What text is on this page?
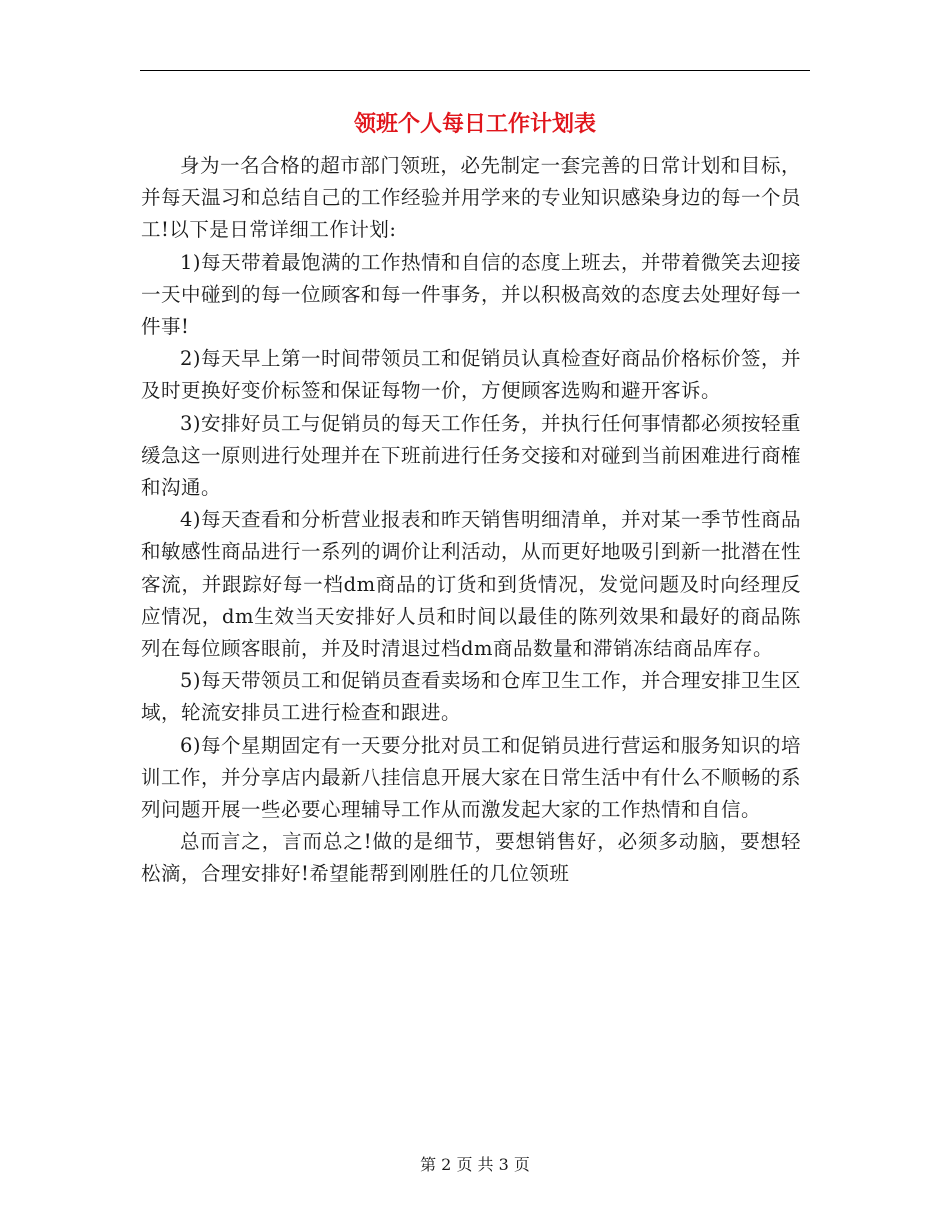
领班个人每日工作计划表

身为一名合格的超市部门领班，必先制定一套完善的日常计划和目标，并每天温习和总结自己的工作经验并用学来的专业知识感染身边的每一个员工!以下是日常详细工作计划:

1)每天带着最饱满的工作热情和自信的态度上班去，并带着微笑去迎接一天中碰到的每一位顾客和每一件事务，并以积极高效的态度去处理好每一件事!

2)每天早上第一时间带领员工和促销员认真检查好商品价格标价签，并及时更换好变价标签和保证每物一价，方便顾客选购和避开客诉。

3)安排好员工与促销员的每天工作任务，并执行任何事情都必须按轻重缓急这一原则进行处理并在下班前进行任务交接和对碰到当前困难进行商榷和沟通。

4)每天查看和分析营业报表和昨天销售明细清单，并对某一季节性商品和敏感性商品进行一系列的调价让利活动，从而更好地吸引到新一批潜在性客流，并跟踪好每一档dm商品的订货和到货情况，发觉问题及时向经理反应情况，dm生效当天安排好人员和时间以最佳的陈列效果和最好的商品陈列在每位顾客眼前，并及时清退过档dm商品数量和滞销冻结商品库存。

5)每天带领员工和促销员查看卖场和仓库卫生工作，并合理安排卫生区域，轮流安排员工进行检查和跟进。

6)每个星期固定有一天要分批对员工和促销员进行营运和服务知识的培训工作，并分享店内最新八挂信息开展大家在日常生活中有什么不顺畅的系列问题开展一些必要心理辅导工作从而激发起大家的工作热情和自信。

总而言之，言而总之!做的是细节，要想销售好，必须多动脑，要想轻松滴，合理安排好!希望能帮到刚胜任的几位领班

第 2 页 共 3 页
